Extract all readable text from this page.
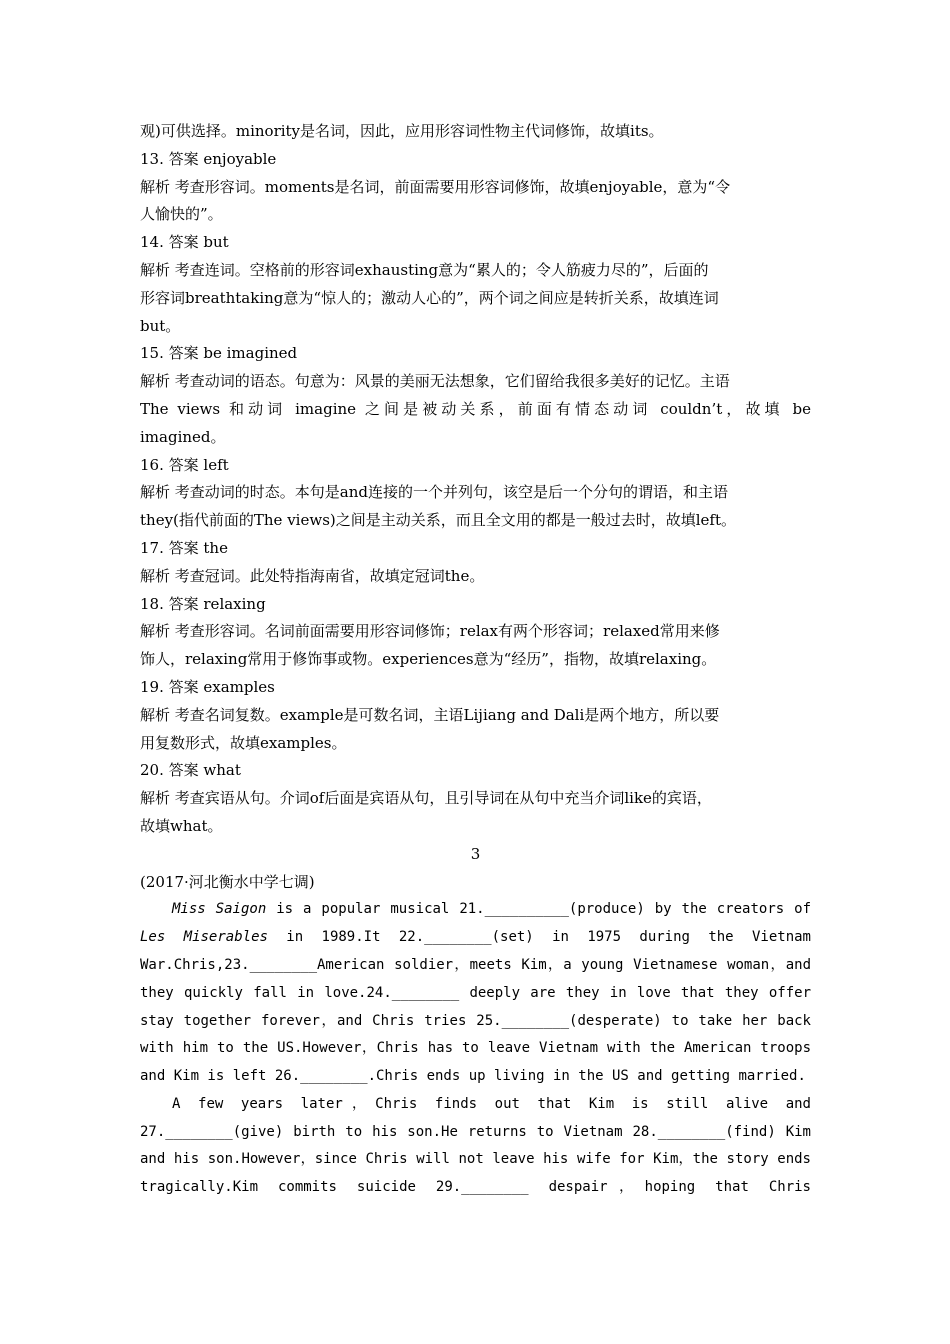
观)可供选择。minority是名词，因此，应用形容词性物主代词修饰，故填its。
13. 答案 enjoyable
解析 考查形容词。moments是名词，前面需要用形容词修饰，故填enjoyable，意为“令
人愉快的”。
14. 答案 but
解析 考查连词。空格前的形容词exhausting意为“累人的；令人筋疲力尽的”，后面的
形容词breathtaking意为“惊人的；激动人心的”，两个词之间应是转折关系，故填连词
but。
15. 答案 be imagined
解析 考查动词的语态。句意为：风景的美丽无法想象，它们留给我很多美好的记忆。主语
The views 和动词 imagine 之间是被动关系，前面有情态动词 couldn’t，故填 be
imagined。
16. 答案 left
解析 考查动词的时态。本句是and连接的一个并列句，该空是后一个分句的谓语，和主语
they(指代前面的The views)之间是主动关系，而且全文用的都是一般过去时，故填left。
17. 答案 the
解析 考查冠词。此处特指海南省，故填定冠词the。
18. 答案 relaxing
解析 考查形容词。名词前面需要用形容词修饰；relax有两个形容词；relaxed常用来修
饰人，relaxing常用于修饰事或物。experiences意为“经历”，指物，故填relaxing。
19. 答案 examples
解析 考查名词复数。example是可数名词，主语Lijiang and Dali是两个地方，所以要
用复数形式，故填examples。
20. 答案 what
解析 考查宾语从句。介词of后面是宾语从句，且引导词在从句中充当介词like的宾语，
故填what。
3
(2017·河北衡水中学七调)
Miss Saigon is a popular musical 21.__________(produce) by the creators of
Les Miserables in 1989.It 22.________(set) in 1975 during the Vietnam
War.Chris,23.________American soldier，meets Kim，a young Vietnamese woman，and
they quickly fall in love.24.________ deeply are they in love that they offer
stay together forever，and Chris tries 25.________(desperate) to take her back
with him to the US.However，Chris has to leave Vietnam with the American troops
and Kim is left 26.________.Chris ends up living in the US and getting married.
A few years later，Chris finds out that Kim is still alive and
27.________(give) birth to his son.He returns to Vietnam 28.________(find) Kim
and his son.However，since Chris will not leave his wife for Kim，the story ends
tragically.Kim commits suicide 29.________ despair，hoping that Chris
